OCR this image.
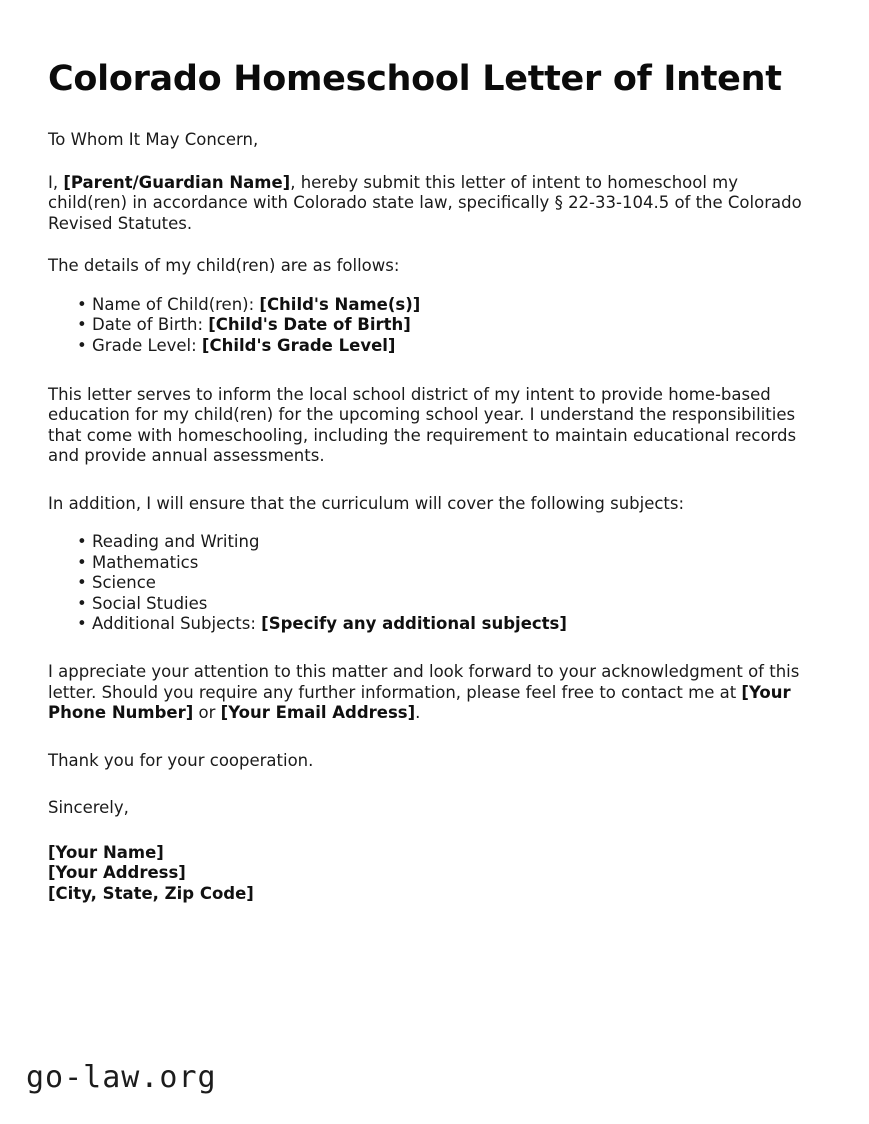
Colorado Homeschool Letter of Intent

To Whom It May Concern,

I, [Parent/Guardian Name], hereby submit this letter of intent to homeschool my child(ren) in accordance with Colorado state law, specifically § 22-33-104.5 of the Colorado Revised Statutes.

The details of my child(ren) are as follows:

• Name of Child(ren): [Child's Name(s)]
• Date of Birth: [Child's Date of Birth]
• Grade Level: [Child's Grade Level]

This letter serves to inform the local school district of my intent to provide home-based education for my child(ren) for the upcoming school year. I understand the responsibilities that come with homeschooling, including the requirement to maintain educational records and provide annual assessments.

In addition, I will ensure that the curriculum will cover the following subjects:

• Reading and Writing
• Mathematics
• Science
• Social Studies
• Additional Subjects: [Specify any additional subjects]

I appreciate your attention to this matter and look forward to your acknowledgment of this letter. Should you require any further information, please feel free to contact me at [Your Phone Number] or [Your Email Address].

Thank you for your cooperation.

Sincerely,

[Your Name]
[Your Address]
[City, State, Zip Code]
go-law.org
